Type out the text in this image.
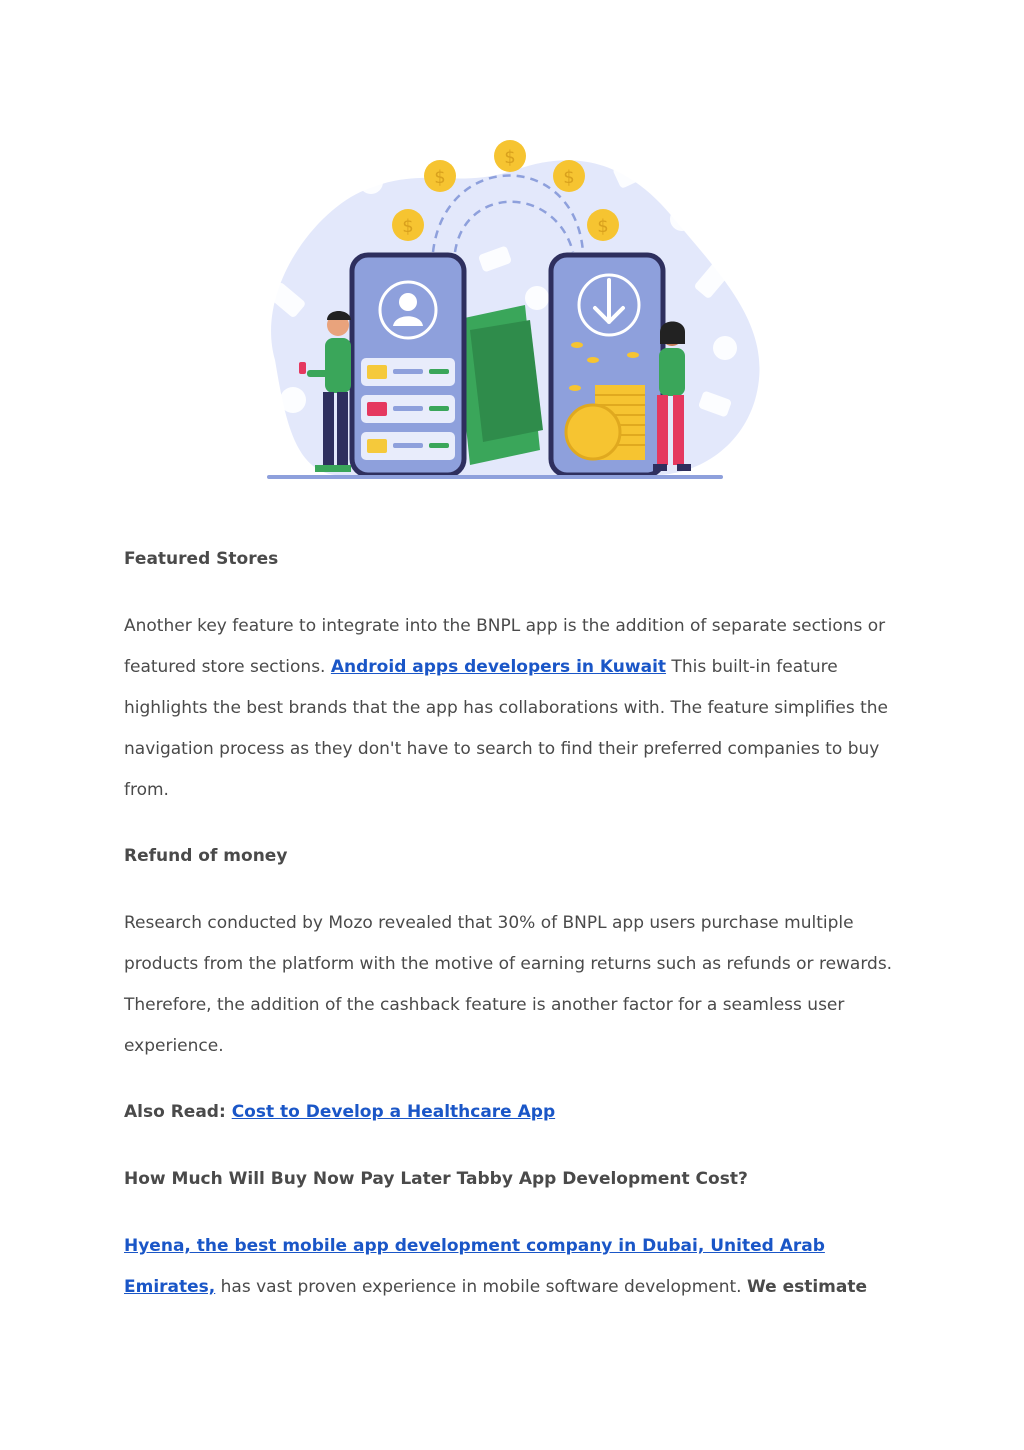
$
$
$
$	$

Featured Stores

Another key feature to integrate into the BNPL app is the addition of separate sections or featured store sections. Android apps developers in Kuwait This built-in feature highlights the best brands that the app has collaborations with. The feature simplifies the navigation process as they don't have to search to find their preferred companies to buy from.

Refund of money

Research conducted by Mozo revealed that 30% of BNPL app users purchase multiple products from the platform with the motive of earning returns such as refunds or rewards. Therefore, the addition of the cashback feature is another factor for a seamless user experience.

Also Read: Cost to Develop a Healthcare App

How Much Will Buy Now Pay Later Tabby App Development Cost?

Hyena, the best mobile app development company in Dubai, United Arab Emirates, has vast proven experience in mobile software development. We estimate
